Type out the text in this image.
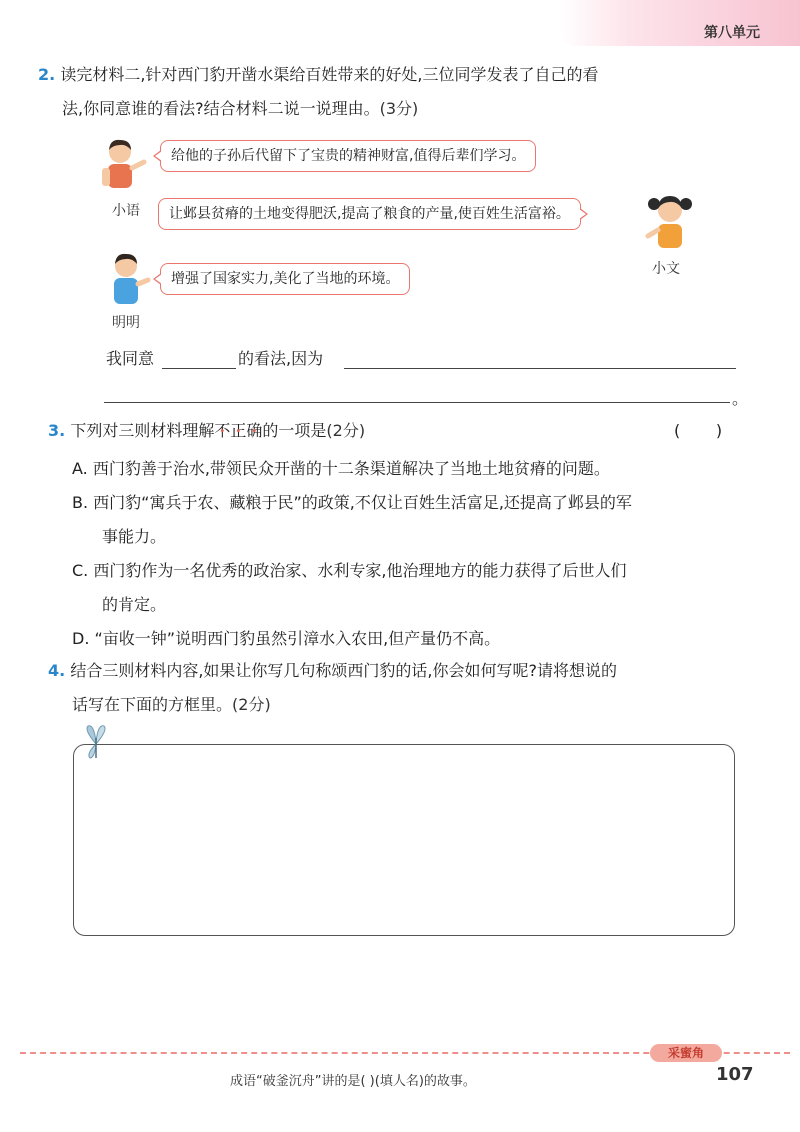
第八单元
2. 读完材料二,针对西门豹开凿水渠给百姓带来的好处,三位同学发表了自己的看
法,你同意谁的看法?结合材料二说一说理由。(3分)
小语
给他的子孙后代留下了宝贵的精神财富,值得后辈们学习。
让邺县贫瘠的土地变得肥沃,提高了粮食的产量,使百姓生活富裕。
小文
明明
增强了国家实力,美化了当地的环境。
我同意	的看法,因为
。
3. 下列对三则材料理解不 •正 •确 •的一项是(2分)	(       )
A. 西门豹善于治水,带领民众开凿的十二条渠道解决了当地土地贫瘠的问题。
B. 西门豹“寓兵于农、藏粮于民”的政策,不仅让百姓生活富足,还提高了邺县的军
事能力。
C. 西门豹作为一名优秀的政治家、水利专家,他治理地方的能力获得了后世人们
的肯定。
D. “亩收一钟”说明西门豹虽然引漳水入农田,但产量仍不高。
4. 结合三则材料内容,如果让你写几句称颂西门豹的话,你会如何写呢?请将想说的
话写在下面的方框里。(2分)
采蜜角
成语“破釜沉舟”讲的是( )(填人名)的故事。	107
